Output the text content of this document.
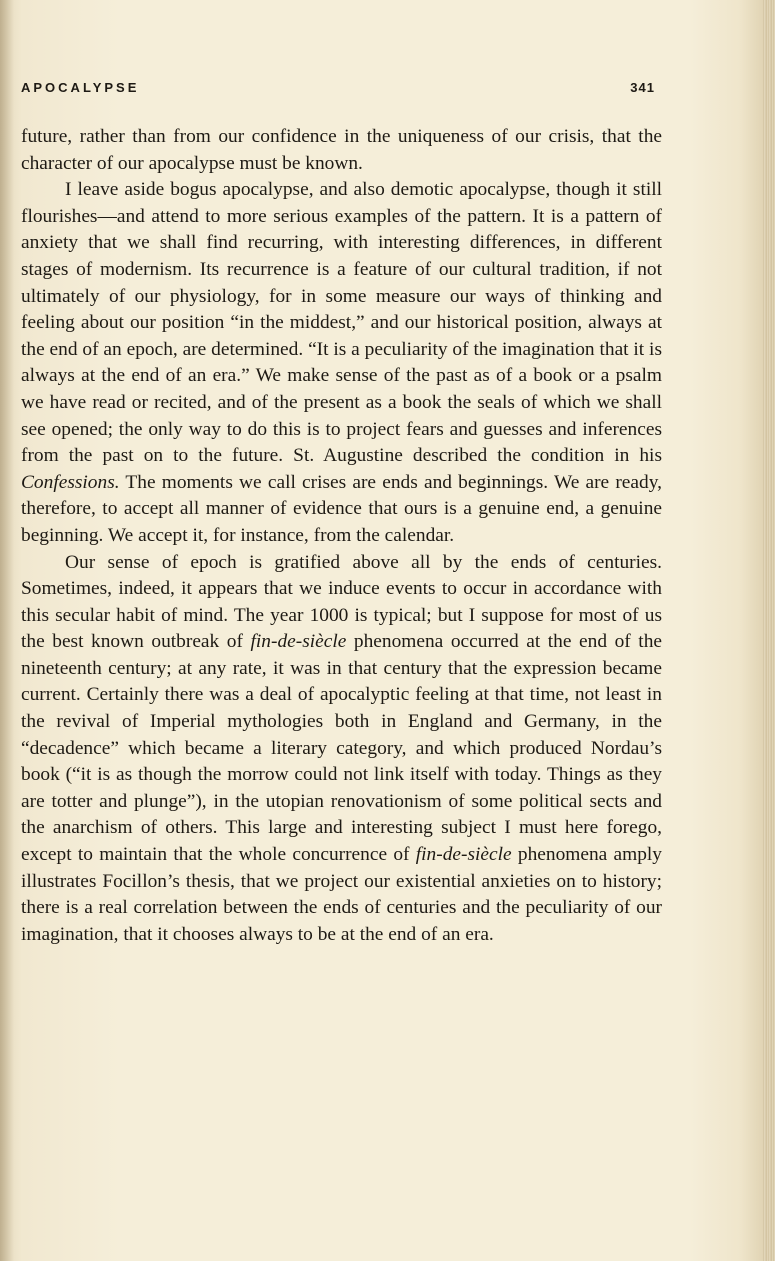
APOCALYPSE	341

future, rather than from our confidence in the uniqueness of our crisis, that the character of our apocalypse must be known.

I leave aside bogus apocalypse, and also demotic apocalypse, though it still flourishes—and attend to more serious examples of the pattern. It is a pattern of anxiety that we shall find recurring, with interesting differences, in different stages of modernism. Its recurrence is a feature of our cultural tradition, if not ultimately of our physiology, for in some measure our ways of thinking and feeling about our position “in the middest,” and our historical position, always at the end of an epoch, are determined. “It is a peculiarity of the imagination that it is always at the end of an era.” We make sense of the past as of a book or a psalm we have read or recited, and of the present as a book the seals of which we shall see opened; the only way to do this is to project fears and guesses and inferences from the past on to the future. St. Augustine described the condition in his Confessions. The moments we call crises are ends and beginnings. We are ready, therefore, to accept all manner of evidence that ours is a genuine end, a genuine beginning. We accept it, for instance, from the calendar.

Our sense of epoch is gratified above all by the ends of centuries. Sometimes, indeed, it appears that we induce events to occur in accordance with this secular habit of mind. The year 1000 is typical; but I suppose for most of us the best known outbreak of fin-de-siècle phenomena occurred at the end of the nineteenth century; at any rate, it was in that century that the expression became current. Certainly there was a deal of apocalyptic feeling at that time, not least in the revival of Imperial mythologies both in England and Germany, in the “decadence” which became a literary category, and which produced Nordau’s book (“it is as though the morrow could not link itself with today. Things as they are totter and plunge”), in the utopian renovationism of some political sects and the anarchism of others. This large and interesting subject I must here forego, except to maintain that the whole concurrence of fin-de-siècle phenomena amply illustrates Focillon’s thesis, that we project our existential anxieties on to history; there is a real correlation between the ends of centuries and the peculiarity of our imagination, that it chooses always to be at the end of an era.
